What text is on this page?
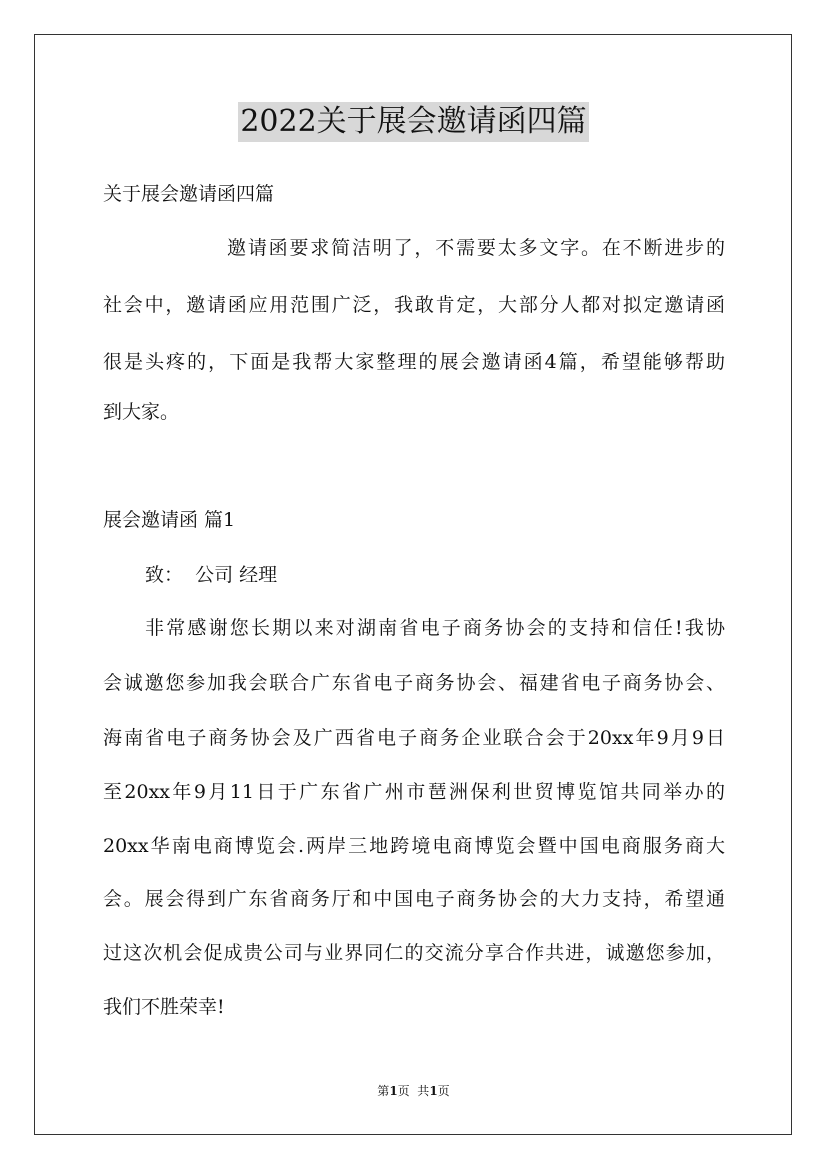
2022关于展会邀请函四篇
关于展会邀请函四篇
邀请函要求简洁明了，不需要太多文字。在不断进步的
社会中，邀请函应用范围广泛，我敢肯定，大部分人都对拟定邀请函
很是头疼的，下面是我帮大家整理的展会邀请函4篇，希望能够帮助
到大家。
展会邀请函 篇1
致：  公司 经理
非常感谢您长期以来对湖南省电子商务协会的支持和信任!我协
会诚邀您参加我会联合广东省电子商务协会、福建省电子商务协会、
海南省电子商务协会及广西省电子商务企业联合会于20xx年9月9日
至20xx年9月11日于广东省广州市琶洲保利世贸博览馆共同举办的
20xx华南电商博览会.两岸三地跨境电商博览会暨中国电商服务商大
会。展会得到广东省商务厅和中国电子商务协会的大力支持，希望通
过这次机会促成贵公司与业界同仁的交流分享合作共进，诚邀您参加，
我们不胜荣幸!
第1页  共1页
